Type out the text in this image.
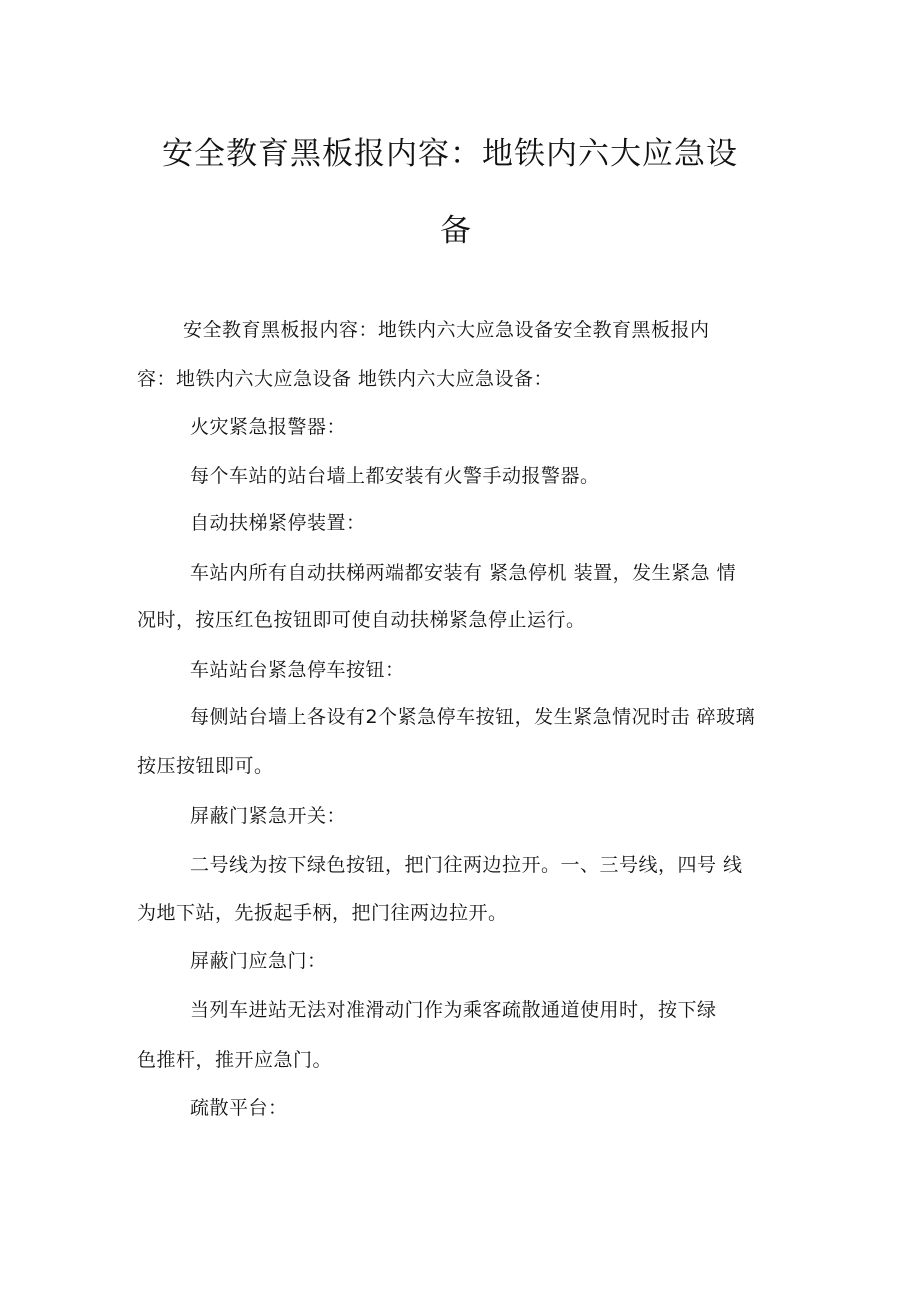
安全教育黑板报内容：地铁内六大应急设
备
安全教育黑板报内容：地铁内六大应急设备安全教育黑板报内
容：地铁内六大应急设备 地铁内六大应急设备：
火灾紧急报警器：
每个车站的站台墙上都安装有火警手动报警器。
自动扶梯紧停装置：
车站内所有自动扶梯两端都安装有 紧急停机 装置，发生紧急 情
况时，按压红色按钮即可使自动扶梯紧急停止运行。
车站站台紧急停车按钮：
每侧站台墙上各设有2个紧急停车按钮，发生紧急情况时击 碎玻璃
按压按钮即可。
屏蔽门紧急开关：
二号线为按下绿色按钮，把门往两边拉开。一、三号线，四号 线
为地下站，先扳起手柄，把门往两边拉开。
屏蔽门应急门：
当列车进站无法对准滑动门作为乘客疏散通道使用时，按下绿
色推杆，推开应急门。
疏散平台：
